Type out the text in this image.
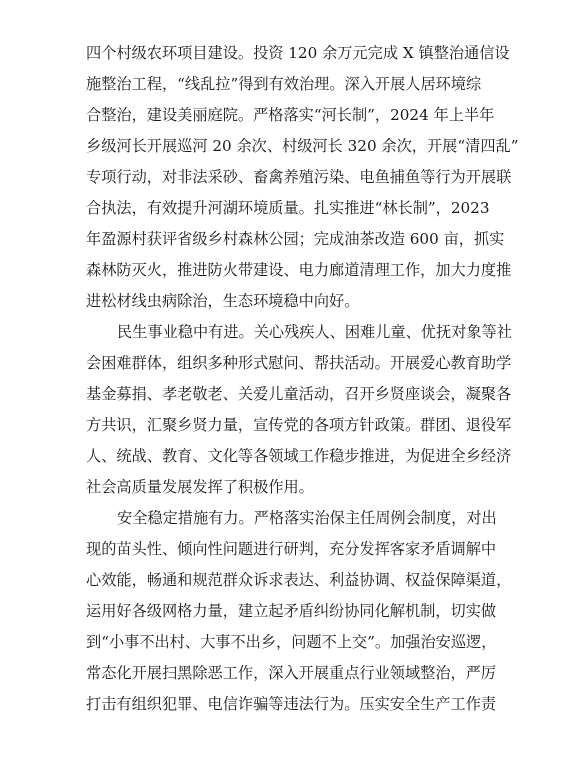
四个村级农环项目建设。投资 120 余万元完成 X 镇整治通信设
施整治工程，“线乱拉”得到有效治理。深入开展人居环境综
合整治，建设美丽庭院。严格落实“河长制”，2024 年上半年
乡级河长开展巡河 20 余次、村级河长 320 余次，开展“清四乱”
专项行动，对非法采砂、畜禽养殖污染、电鱼捕鱼等行为开展联
合执法，有效提升河湖环境质量。扎实推进“林长制”，2023
年盈源村获评省级乡村森林公园；完成油茶改造 600 亩，抓实
森林防灭火，推进防火带建设、电力廊道清理工作，加大力度推
进松材线虫病除治，生态环境稳中向好。
民生事业稳中有进。关心残疾人、困难儿童、优抚对象等社
会困难群体，组织多种形式慰问、帮扶活动。开展爱心教育助学
基金募捐、孝老敬老、关爱儿童活动，召开乡贤座谈会，凝聚各
方共识，汇聚乡贤力量，宣传党的各项方针政策。群团、退役军
人、统战、教育、文化等各领域工作稳步推进，为促进全乡经济
社会高质量发展发挥了积极作用。
安全稳定措施有力。严格落实治保主任周例会制度，对出
现的苗头性、倾向性问题进行研判，充分发挥客家矛盾调解中
心效能，畅通和规范群众诉求表达、利益协调、权益保障渠道，
运用好各级网格力量，建立起矛盾纠纷协同化解机制，切实做
到“小事不出村、大事不出乡，问题不上交”。加强治安巡逻，
常态化开展扫黑除恶工作，深入开展重点行业领域整治，严厉
打击有组织犯罪、电信诈骗等违法行为。压实安全生产工作责
